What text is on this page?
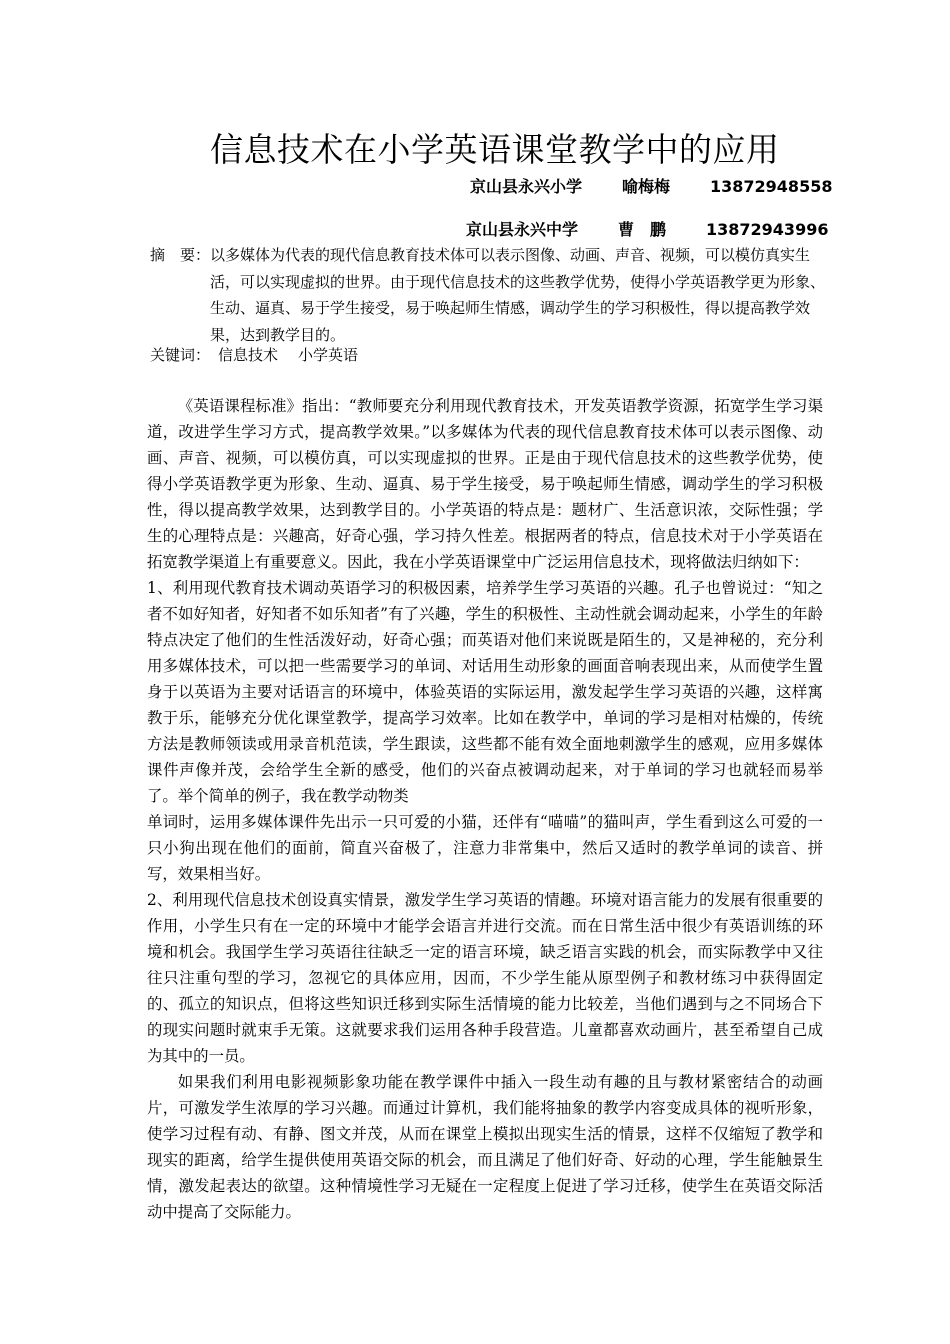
信息技术在小学英语课堂教学中的应用
京山县永兴小学 喻梅梅 13872948558
京山县永兴中学 曹　鹏 13872943996
摘　要： 以多媒体为代表的现代信息教育技术体可以表示图像、动画、声音、视频，可以模仿真实生活，可以实现虚拟的世界。由于现代信息技术的这些教学优势，使得小学英语教学更为形象、生动、逼真、易于学生接受，易于唤起师生情感，调动学生的学习积极性，得以提高教学效果，达到教学目的。
关键词： 信息技术 小学英语

《英语课程标准》指出：“教师要充分利用现代教育技术，开发英语教学资源，拓宽学生学习渠道，改进学生学习方式，提高教学效果。”以多媒体为代表的现代信息教育技术体可以表示图像、动画、声音、视频，可以模仿真，可以实现虚拟的世界。正是由于现代信息技术的这些教学优势，使得小学英语教学更为形象、生动、逼真、易于学生接受，易于唤起师生情感，调动学生的学习积极性，得以提高教学效果，达到教学目的。小学英语的特点是：题材广、生活意识浓，交际性强；学生的心理特点是：兴趣高，好奇心强，学习持久性差。根据两者的特点，信息技术对于小学英语在拓宽教学渠道上有重要意义。因此，我在小学英语课堂中广泛运用信息技术，现将做法归纳如下：

1、利用现代教育技术调动英语学习的积极因素，培养学生学习英语的兴趣。孔子也曾说过：“知之者不如好知者，好知者不如乐知者”有了兴趣，学生的积极性、主动性就会调动起来，小学生的年龄特点决定了他们的生性活泼好动，好奇心强；而英语对他们来说既是陌生的，又是神秘的，充分利用多媒体技术，可以把一些需要学习的单词、对话用生动形象的画面音响表现出来，从而使学生置身于以英语为主要对话语言的环境中，体验英语的实际运用，激发起学生学习英语的兴趣，这样寓教于乐，能够充分优化课堂教学，提高学习效率。比如在教学中，单词的学习是相对枯燥的，传统方法是教师领读或用录音机范读，学生跟读，这些都不能有效全面地刺激学生的感观，应用多媒体课件声像并茂，会给学生全新的感受，他们的兴奋点被调动起来，对于单词的学习也就轻而易举了。举个简单的例子，我在教学动物类

单词时，运用多媒体课件先出示一只可爱的小猫，还伴有“喵喵”的猫叫声，学生看到这么可爱的一只小狗出现在他们的面前，简直兴奋极了，注意力非常集中，然后又适时的教学单词的读音、拼写，效果相当好。

2、利用现代信息技术创设真实情景，激发学生学习英语的情趣。环境对语言能力的发展有很重要的作用，小学生只有在一定的环境中才能学会语言并进行交流。而在日常生活中很少有英语训练的环境和机会。我国学生学习英语往往缺乏一定的语言环境，缺乏语言实践的机会，而实际教学中又往往只注重句型的学习，忽视它的具体应用，因而，不少学生能从原型例子和教材练习中获得固定的、孤立的知识点，但将这些知识迁移到实际生活情境的能力比较差，当他们遇到与之不同场合下的现实问题时就束手无策。这就要求我们运用各种手段营造。儿童都喜欢动画片，甚至希望自己成为其中的一员。

如果我们利用电影视频影象功能在教学课件中插入一段生动有趣的且与教材紧密结合的动画片，可激发学生浓厚的学习兴趣。而通过计算机，我们能将抽象的教学内容变成具体的视听形象，使学习过程有动、有静、图文并茂，从而在课堂上模拟出现实生活的情景，这样不仅缩短了教学和现实的距离，给学生提供使用英语交际的机会，而且满足了他们好奇、好动的心理，学生能触景生情，激发起表达的欲望。这种情境性学习无疑在一定程度上促进了学习迁移，使学生在英语交际活动中提高了交际能力。
